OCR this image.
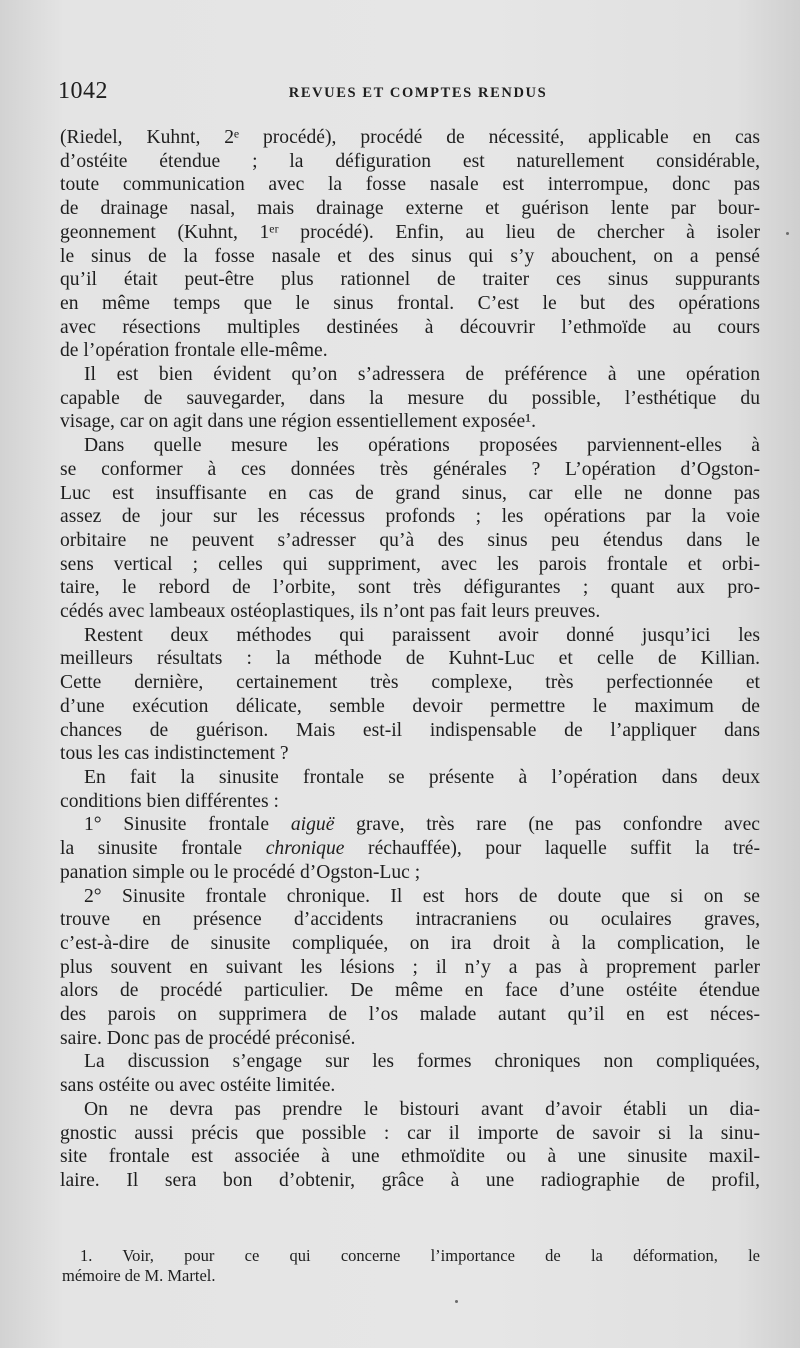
1042	REVUES ET COMPTES RENDUS
(Riedel, Kuhnt, 2ᵉ procédé), procédé de nécessité, applicable en cas
d’ostéite étendue ; la défiguration est naturellement considérable,
toute communication avec la fosse nasale est interrompue, donc pas
de drainage nasal, mais drainage externe et guérison lente par bour-
geonnement (Kuhnt, 1ᵉʳ procédé). Enfin, au lieu de chercher à isoler
le sinus de la fosse nasale et des sinus qui s’y abouchent, on a pensé
qu’il était peut-être plus rationnel de traiter ces sinus suppurants
en même temps que le sinus frontal. C’est le but des opérations
avec résections multiples destinées à découvrir l’ethmoïde au cours
de l’opération frontale elle-même.
Il est bien évident qu’on s’adressera de préférence à une opération
capable de sauvegarder, dans la mesure du possible, l’esthétique du
visage, car on agit dans une région essentiellement exposée¹.
Dans quelle mesure les opérations proposées parviennent-elles à
se conformer à ces données très générales ? L’opération d’Ogston-
Luc est insuffisante en cas de grand sinus, car elle ne donne pas
assez de jour sur les récessus profonds ; les opérations par la voie
orbitaire ne peuvent s’adresser qu’à des sinus peu étendus dans le
sens vertical ; celles qui suppriment, avec les parois frontale et orbi-
taire, le rebord de l’orbite, sont très défigurantes ; quant aux pro-
cédés avec lambeaux ostéoplastiques, ils n’ont pas fait leurs preuves.
Restent deux méthodes qui paraissent avoir donné jusqu’ici les
meilleurs résultats : la méthode de Kuhnt-Luc et celle de Killian.
Cette dernière, certainement très complexe, très perfectionnée et
d’une exécution délicate, semble devoir permettre le maximum de
chances de guérison. Mais est-il indispensable de l’appliquer dans
tous les cas indistinctement ?
En fait la sinusite frontale se présente à l’opération dans deux
conditions bien différentes :
1° Sinusite frontale aiguë grave, très rare (ne pas confondre avec
la sinusite frontale chronique réchauffée), pour laquelle suffit la tré-
panation simple ou le procédé d’Ogston-Luc ;
2° Sinusite frontale chronique. Il est hors de doute que si on se
trouve en présence d’accidents intracraniens ou oculaires graves,
c’est-à-dire de sinusite compliquée, on ira droit à la complication, le
plus souvent en suivant les lésions ; il n’y a pas à proprement parler
alors de procédé particulier. De même en face d’une ostéite étendue
des parois on supprimera de l’os malade autant qu’il en est néces-
saire. Donc pas de procédé préconisé.
La discussion s’engage sur les formes chroniques non compliquées,
sans ostéite ou avec ostéite limitée.
On ne devra pas prendre le bistouri avant d’avoir établi un dia-
gnostic aussi précis que possible : car il importe de savoir si la sinu-
site frontale est associée à une ethmoïdite ou à une sinusite maxil-
laire. Il sera bon d’obtenir, grâce à une radiographie de profil,
1. Voir, pour ce qui concerne l’importance de la déformation, le
mémoire de M. Martel.
